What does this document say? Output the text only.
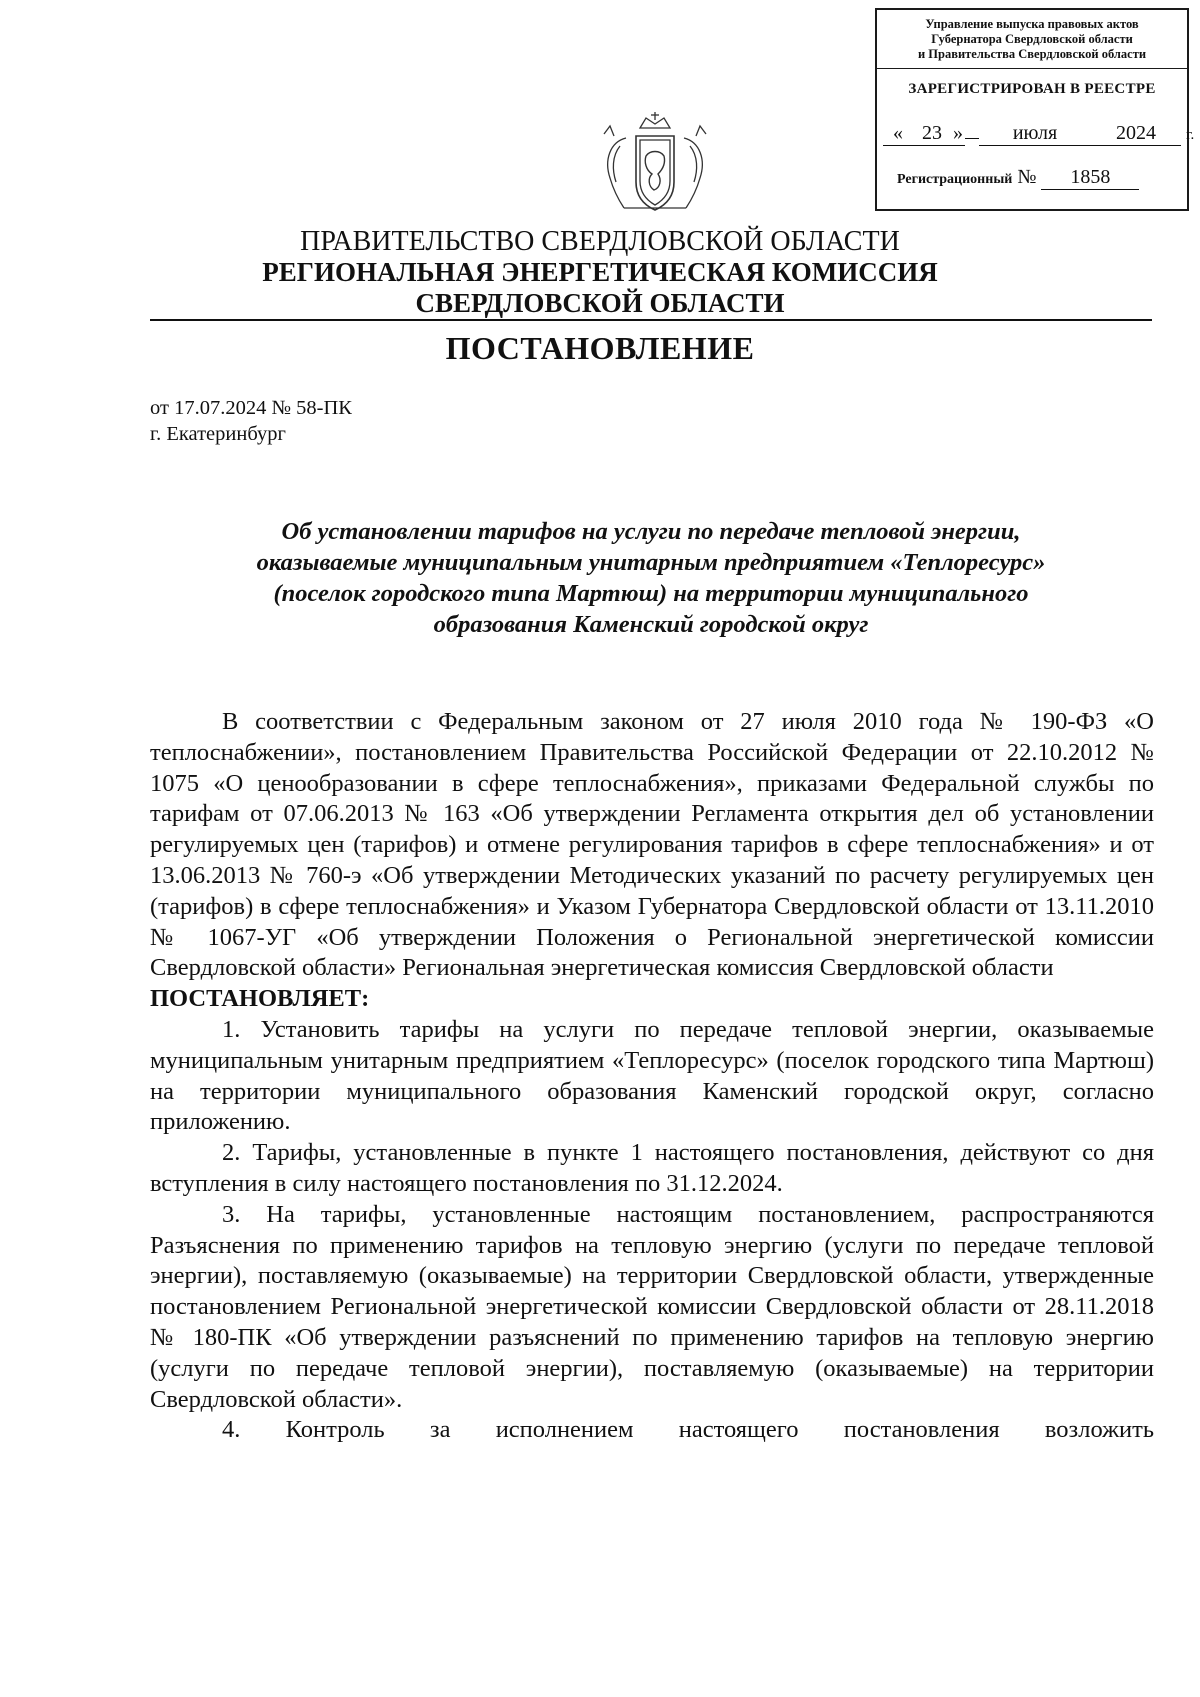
Управление выпуска правовых актов
Губернатора Свердловской области
и Правительства Свердловской области
ЗАРЕГИСТРИРОВАН В РЕЕСТРЕ
« 23 » июля	2024 г.
Регистрационный № 1858
ПРАВИТЕЛЬСТВО СВЕРДЛОВСКОЙ ОБЛАСТИ
РЕГИОНАЛЬНАЯ ЭНЕРГЕТИЧЕСКАЯ КОМИССИЯ
СВЕРДЛОВСКОЙ ОБЛАСТИ
ПОСТАНОВЛЕНИЕ
от 17.07.2024 № 58-ПК
г. Екатеринбург
Об установлении тарифов на услуги по передаче тепловой энергии,
оказываемые муниципальным унитарным предприятием «Теплоресурс»
(поселок городского типа Мартюш) на территории муниципального
образования Каменский городской округ

В соответствии с Федеральным законом от 27 июля 2010 года № 190-ФЗ «О теплоснабжении», постановлением Правительства Российской Федерации от 22.10.2012 № 1075 «О ценообразовании в сфере теплоснабжения», приказами Федеральной службы по тарифам от 07.06.2013 № 163 «Об утверждении Регламента открытия дел об установлении регулируемых цен (тарифов) и отмене регулирования тарифов в сфере теплоснабжения» и от 13.06.2013 № 760-э «Об утверждении Методических указаний по расчету регулируемых цен (тарифов) в сфере теплоснабжения» и Указом Губернатора Свердловской области от 13.11.2010 № 1067-УГ «Об утверждении Положения о Региональной энергетической комиссии Свердловской области» Региональная энергетическая комиссия Свердловской области

ПОСТАНОВЛЯЕТ:

1. Установить тарифы на услуги по передаче тепловой энергии, оказываемые муниципальным унитарным предприятием «Теплоресурс» (поселок городского типа Мартюш) на территории муниципального образования Каменский городской округ, согласно приложению.

2. Тарифы, установленные в пункте 1 настоящего постановления, действуют со дня вступления в силу настоящего постановления по 31.12.2024.

3. На тарифы, установленные настоящим постановлением, распространяются Разъяснения по применению тарифов на тепловую энергию (услуги по передаче тепловой энергии), поставляемую (оказываемые) на территории Свердловской области, утвержденные постановлением Региональной энергетической комиссии Свердловской области от 28.11.2018 № 180-ПК «Об утверждении разъяснений по применению тарифов на тепловую энергию (услуги по передаче тепловой энергии), поставляемую (оказываемые) на территории Свердловской области».

4. Контроль за исполнением настоящего постановления возложить
